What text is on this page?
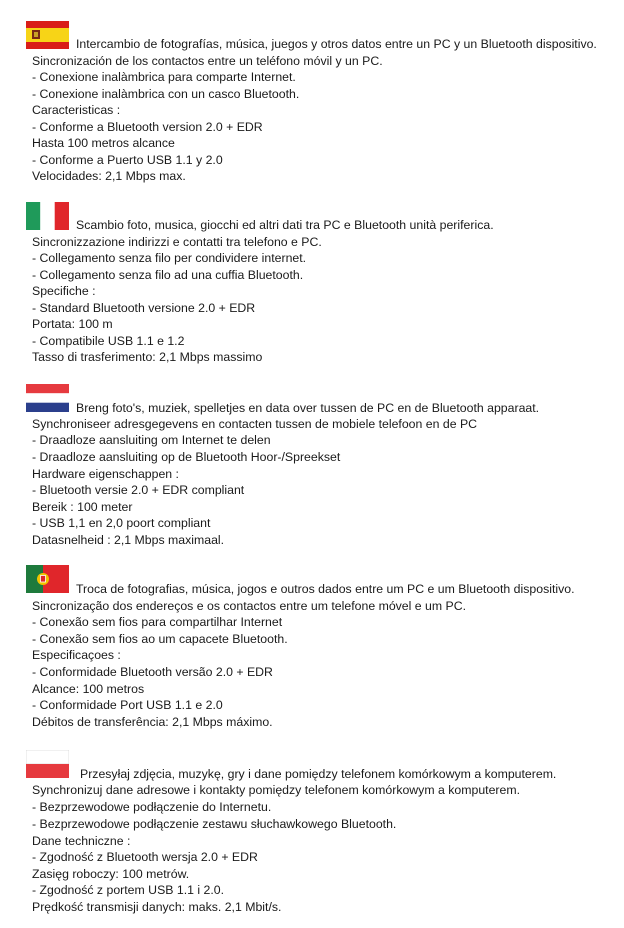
Intercambio de fotografías, música, juegos y otros datos entre un PC y un Bluetooth dispositivo.
Sincronización de los contactos entre un teléfono móvil y un PC.
- Conexione inalàmbrica para comparte Internet.
- Conexione inalàmbrica con un casco Bluetooth.
Caracteristicas :
- Conforme a Bluetooth version 2.0 + EDR
Hasta 100 metros alcance
- Conforme a Puerto USB 1.1 y 2.0
Velocidades: 2,1 Mbps max.
Scambio foto, musica, giocchi ed altri dati tra PC e Bluetooth unità periferica.
Sincronizzazione indirizzi e contatti tra telefono e PC.
- Collegamento senza filo per condividere internet.
- Collegamento senza filo ad una cuffia Bluetooth.
Specifiche :
- Standard Bluetooth versione 2.0 + EDR
Portata: 100 m
- Compatibile USB 1.1 e 1.2
Tasso di trasferimento: 2,1 Mbps massimo
Breng foto's, muziek, spelletjes en data over tussen de PC en de Bluetooth apparaat.
Synchroniseer adresgegevens en contacten tussen de mobiele telefoon en de PC
- Draadloze aansluiting om Internet te delen
- Draadloze aansluiting op de Bluetooth Hoor-/Spreekset
Hardware eigenschappen :
- Bluetooth versie 2.0 + EDR compliant
Bereik : 100 meter
- USB 1,1 en 2,0 poort compliant
Datasnelheid : 2,1 Mbps maximaal.
Troca de fotografias, música, jogos e outros dados entre um PC e um Bluetooth dispositivo.
Sincronização dos endereços e os contactos entre um telefone móvel e um PC.
- Conexão sem fios para compartilhar Internet
- Conexão sem fios ao um capacete Bluetooth.
Especificaçoes :
- Conformidade Bluetooth versão 2.0 + EDR
Alcance: 100 metros
- Conformidade Port USB 1.1 e 2.0
Débitos de transferência: 2,1 Mbps máximo.
Przesyłaj zdjęcia, muzykę, gry i dane pomiędzy telefonem komórkowym a komputerem.
Synchronizuj dane adresowe i kontakty pomiędzy telefonem komórkowym a komputerem.
- Bezprzewodowe podłączenie do Internetu.
- Bezprzewodowe podłączenie zestawu słuchawkowego Bluetooth.
Dane techniczne :
- Zgodność z Bluetooth wersja 2.0 + EDR
Zasięg roboczy: 100 metrów.
- Zgodność z portem USB 1.1 i 2.0.
Prędkość transmisji danych: maks. 2,1 Mbit/s.
